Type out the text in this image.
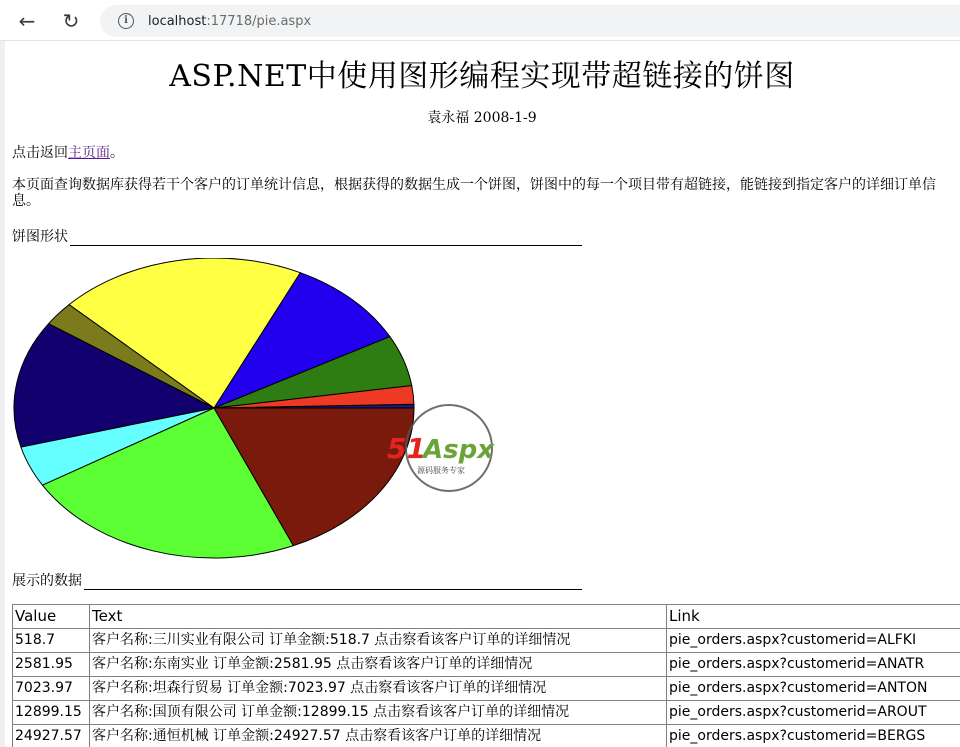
←	↻	i	localhost :17718/pie.aspx
ASP.NET中使用图形编程实现带超链接的饼图
袁永福 2008-1-9

点击返回主页面。

本页面查询数据库获得若干个客户的订单统计信息，根据获得的数据生成一个饼图，饼图中的每一个项目带有超链接，能链接到指定客户的详细订单信息。

饼图形状
51
Aspx
源码服务专家
展示的数据
Value	Text	Link
518.7	客户名称:三川实业有限公司 订单金额:518.7 点击察看该客户订单的详细情况	pie_orders.aspx?customerid=ALFKI
2581.95	客户名称:东南实业 订单金额:2581.95 点击察看该客户订单的详细情况	pie_orders.aspx?customerid=ANATR
7023.97	客户名称:坦森行贸易 订单金额:7023.97 点击察看该客户订单的详细情况	pie_orders.aspx?customerid=ANTON
12899.15	客户名称:国顶有限公司 订单金额:12899.15 点击察看该客户订单的详细情况	pie_orders.aspx?customerid=AROUT
24927.57	客户名称:通恒机械 订单金额:24927.57 点击察看该客户订单的详细情况	pie_orders.aspx?customerid=BERGS
